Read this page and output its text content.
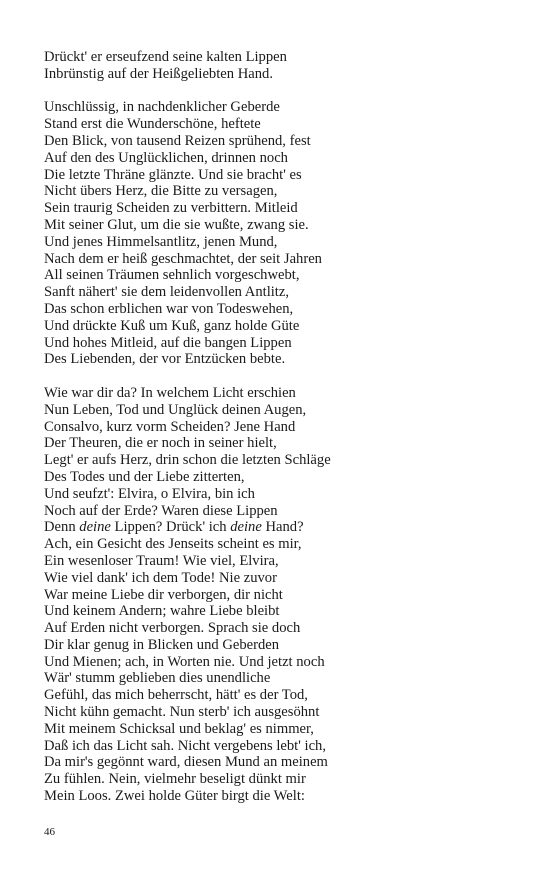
Drückt' er erseufzend seine kalten Lippen
Inbrünstig auf der Heißgeliebten Hand.
Unschlüssig, in nachdenklicher Geberde
Stand erst die Wunderschöne, heftete
Den Blick, von tausend Reizen sprühend, fest
Auf den des Unglücklichen, drinnen noch
Die letzte Thräne glänzte. Und sie bracht' es
Nicht übers Herz, die Bitte zu versagen,
Sein traurig Scheiden zu verbittern. Mitleid
Mit seiner Glut, um die sie wußte, zwang sie.
Und jenes Himmelsantlitz, jenen Mund,
Nach dem er heiß geschmachtet, der seit Jahren
All seinen Träumen sehnlich vorgeschwebt,
Sanft nähert' sie dem leidenvollen Antlitz,
Das schon erblichen war von Todeswehen,
Und drückte Kuß um Kuß, ganz holde Güte
Und hohes Mitleid, auf die bangen Lippen
Des Liebenden, der vor Entzücken bebte.
Wie war dir da? In welchem Licht erschien
Nun Leben, Tod und Unglück deinen Augen,
Consalvo, kurz vorm Scheiden? Jene Hand
Der Theuren, die er noch in seiner hielt,
Legt' er aufs Herz, drin schon die letzten Schläge
Des Todes und der Liebe zitterten,
Und seufzt': Elvira, o Elvira, bin ich
Noch auf der Erde? Waren diese Lippen
Denn deine Lippen? Drück' ich deine Hand?
Ach, ein Gesicht des Jenseits scheint es mir,
Ein wesenloser Traum! Wie viel, Elvira,
Wie viel dank' ich dem Tode! Nie zuvor
War meine Liebe dir verborgen, dir nicht
Und keinem Andern; wahre Liebe bleibt
Auf Erden nicht verborgen. Sprach sie doch
Dir klar genug in Blicken und Geberden
Und Mienen; ach, in Worten nie. Und jetzt noch
Wär' stumm geblieben dies unendliche
Gefühl, das mich beherrscht, hätt' es der Tod,
Nicht kühn gemacht. Nun sterb' ich ausgesöhnt
Mit meinem Schicksal und beklag' es nimmer,
Daß ich das Licht sah. Nicht vergebens lebt' ich,
Da mir's gegönnt ward, diesen Mund an meinem
Zu fühlen. Nein, vielmehr beseligt dünkt mir
Mein Loos. Zwei holde Güter birgt die Welt:
46
